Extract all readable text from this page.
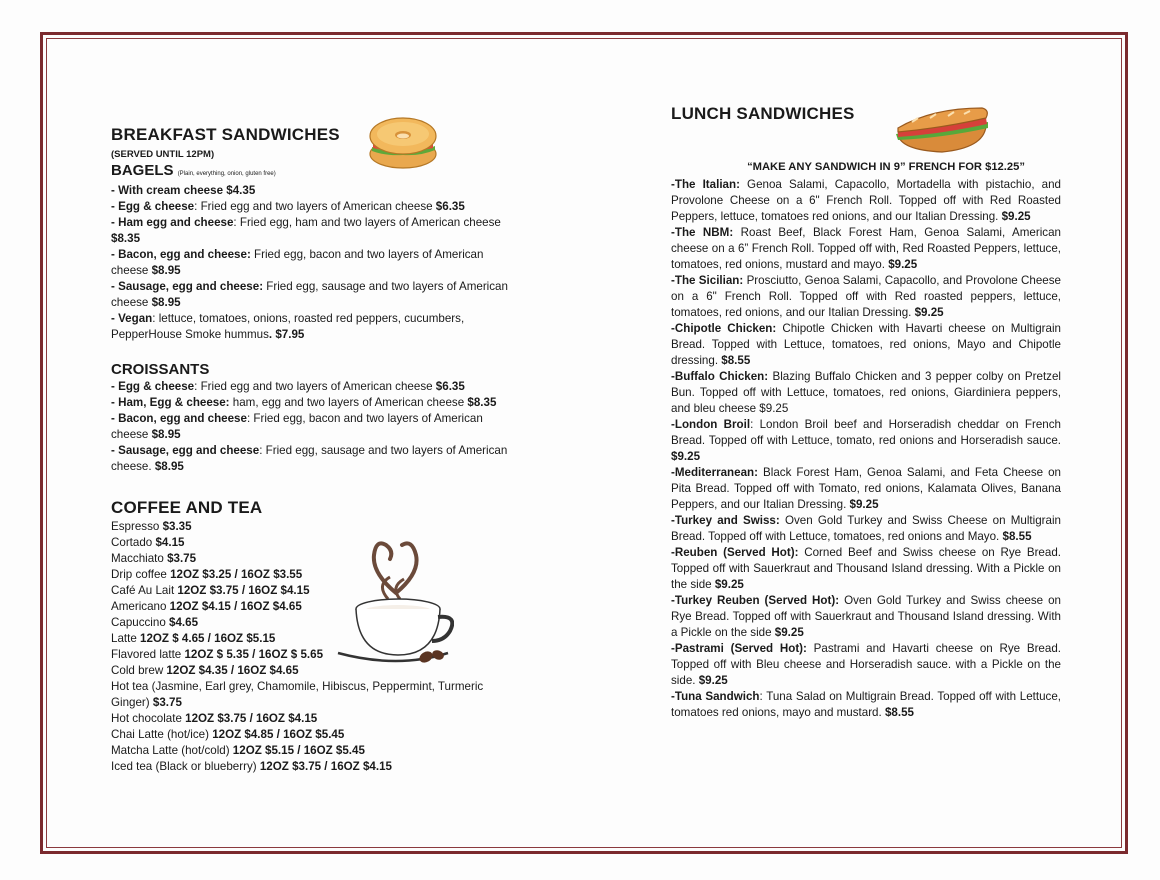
BREAKFAST SANDWICHES
(SERVED UNTIL 12PM)
BAGELS (Plain, everything, onion, gluten free)

- With cream cheese $4.35

- Egg & cheese: Fried egg and two layers of American cheese $6.35

- Ham egg and cheese: Fried egg, ham and two layers of American cheese $8.35

- Bacon, egg and cheese: Fried egg, bacon and two layers of American cheese $8.95

- Sausage, egg and cheese: Fried egg, sausage and two layers of American cheese $8.95

- Vegan: lettuce, tomatoes, onions, roasted red peppers, cucumbers, PepperHouse Smoke hummus. $7.95

CROISSANTS

- Egg & cheese: Fried egg and two layers of American cheese $6.35

- Ham, Egg & cheese: ham, egg and two layers of American cheese $8.35

- Bacon, egg and cheese: Fried egg, bacon and two layers of American cheese $8.95

- Sausage, egg and cheese: Fried egg, sausage and two layers of American cheese. $8.95

COFFEE AND TEA

Espresso $3.35

Cortado $4.15

Macchiato $3.75

Drip coffee 12OZ $3.25 / 16OZ $3.55

Café Au Lait 12OZ $3.75 / 16OZ $4.15

Americano 12OZ $4.15 / 16OZ $4.65

Capuccino $4.65

Latte 12OZ $ 4.65 / 16OZ $5.15

Flavored latte 12OZ $ 5.35 / 16OZ $ 5.65

Cold brew 12OZ $4.35 / 16OZ $4.65

Hot tea (Jasmine, Earl grey, Chamomile, Hibiscus, Peppermint, Turmeric Ginger) $3.75

Hot chocolate 12OZ $3.75 / 16OZ $4.15

Chai Latte (hot/ice) 12OZ $4.85 / 16OZ $5.45

Matcha Latte (hot/cold) 12OZ $5.15 / 16OZ $5.45

Iced tea (Black or blueberry) 12OZ $3.75 / 16OZ $4.15

LUNCH SANDWICHES

“MAKE ANY SANDWICH IN 9” FRENCH FOR $12.25”

-The Italian: Genoa Salami, Capacollo, Mortadella with pistachio, and Provolone Cheese on a 6" French Roll. Topped off with Red Roasted Peppers, lettuce, tomatoes red onions, and our Italian Dressing. $9.25

-The NBM: Roast Beef, Black Forest Ham, Genoa Salami, American cheese on a 6” French Roll. Topped off with, Red Roasted Peppers, lettuce, tomatoes, red onions, mustard and mayo. $9.25

-The Sicilian: Prosciutto, Genoa Salami, Capacollo, and Provolone Cheese on a 6" French Roll. Topped off with Red roasted peppers, lettuce, tomatoes, red onions, and our Italian Dressing. $9.25

-Chipotle Chicken: Chipotle Chicken with Havarti cheese on Multigrain Bread. Topped with Lettuce, tomatoes, red onions, Mayo and Chipotle dressing. $8.55

-Buffalo Chicken: Blazing Buffalo Chicken and 3 pepper colby on Pretzel Bun. Topped off with Lettuce, tomatoes, red onions, Giardiniera peppers, and bleu cheese $9.25

-London Broil: London Broil beef and Horseradish cheddar on French Bread. Topped off with Lettuce, tomato, red onions and Horseradish sauce. $9.25

-Mediterranean: Black Forest Ham, Genoa Salami, and Feta Cheese on Pita Bread. Topped off with Tomato, red onions, Kalamata Olives, Banana Peppers, and our Italian Dressing. $9.25

-Turkey and Swiss: Oven Gold Turkey and Swiss Cheese on Multigrain Bread. Topped off with Lettuce, tomatoes, red onions and Mayo. $8.55

-Reuben (Served Hot): Corned Beef and Swiss cheese on Rye Bread. Topped off with Sauerkraut and Thousand Island dressing. With a Pickle on the side $9.25

-Turkey Reuben (Served Hot): Oven Gold Turkey and Swiss cheese on Rye Bread. Topped off with Sauerkraut and Thousand Island dressing. With a Pickle on the side $9.25

-Pastrami (Served Hot): Pastrami and Havarti cheese on Rye Bread. Topped off with Bleu cheese and Horseradish sauce. with a Pickle on the side. $9.25

-Tuna Sandwich: Tuna Salad on Multigrain Bread. Topped off with Lettuce, tomatoes red onions, mayo and mustard. $8.55
